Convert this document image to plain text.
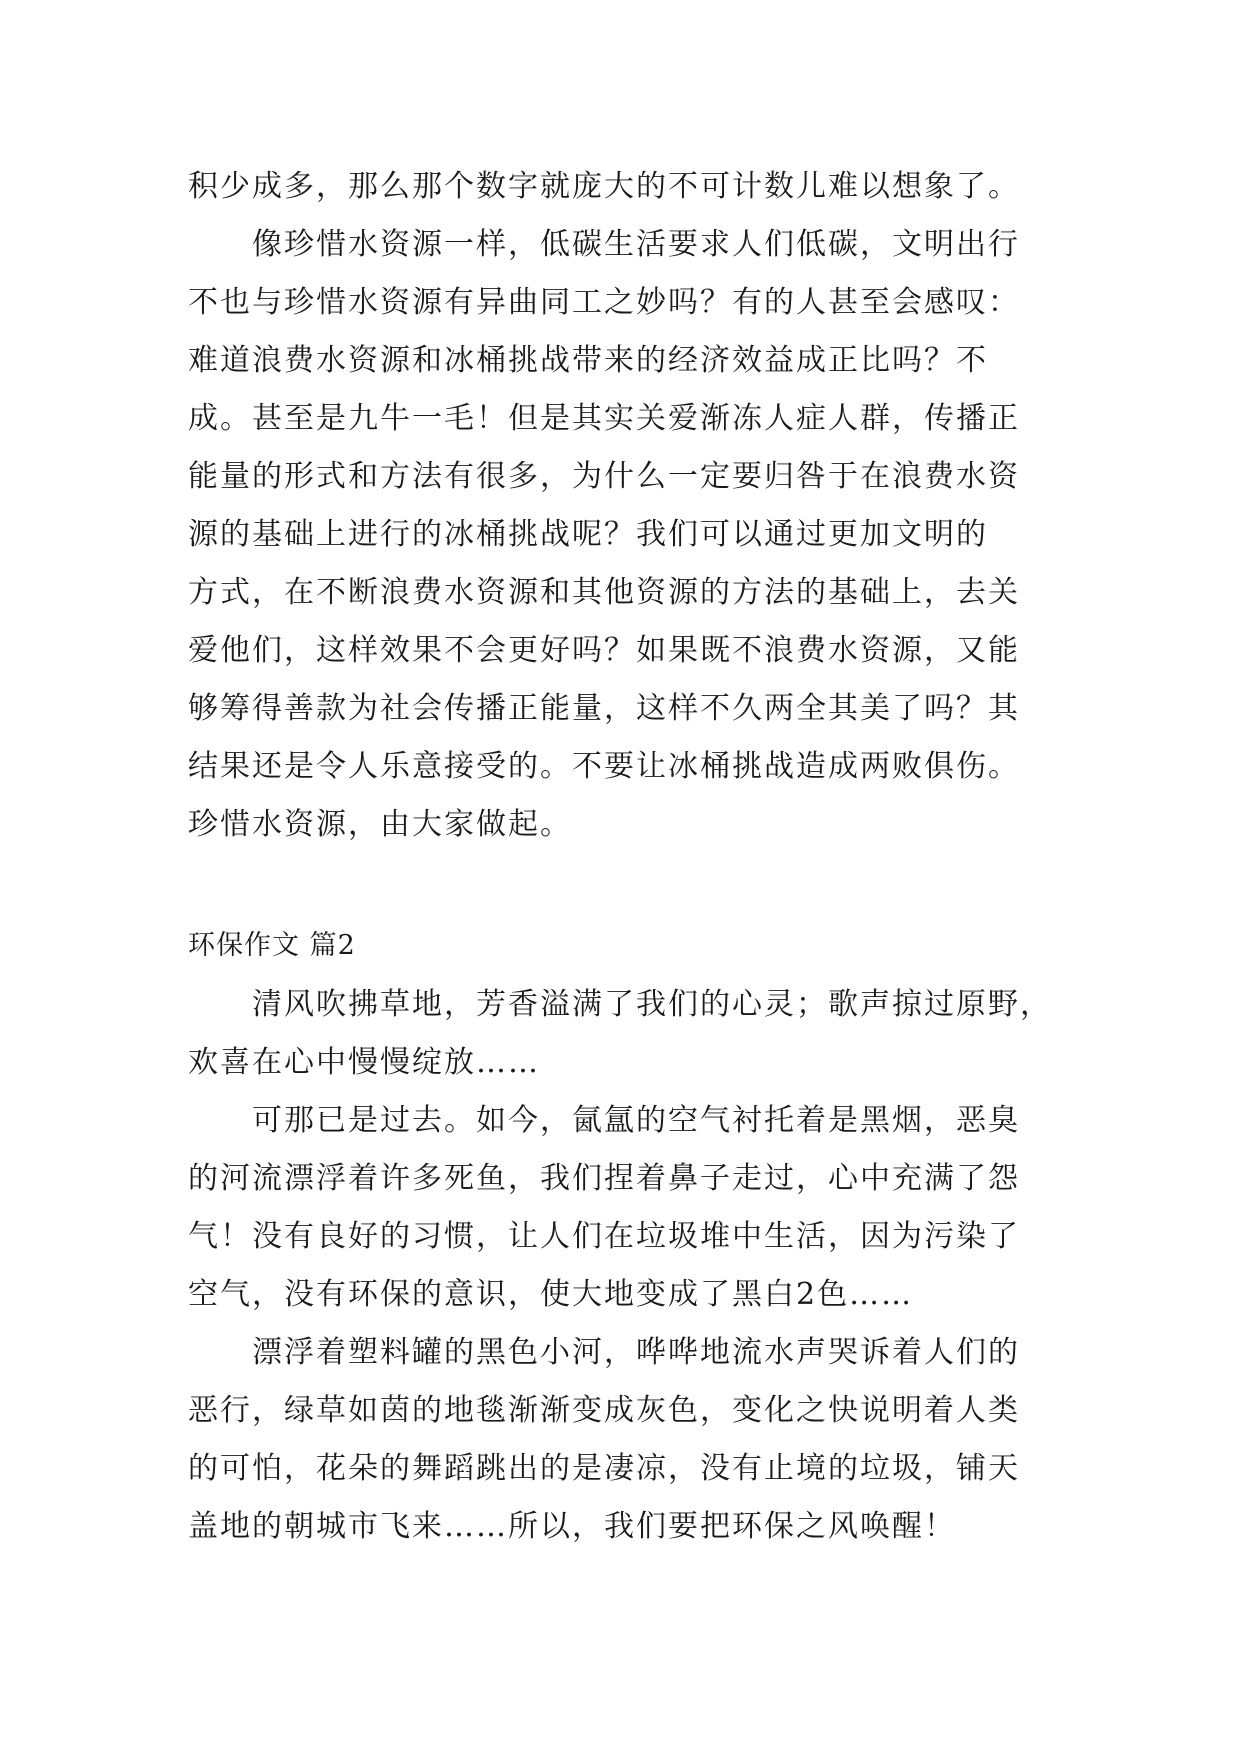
积少成多，那么那个数字就庞大的不可计数儿难以想象了。
像珍惜水资源一样，低碳生活要求人们低碳，文明出行
不也与珍惜水资源有异曲同工之妙吗？有的人甚至会感叹：
难道浪费水资源和冰桶挑战带来的经济效益成正比吗？不
成。甚至是九牛一毛！但是其实关爱渐冻人症人群，传播正
能量的形式和方法有很多，为什么一定要归咎于在浪费水资
源的基础上进行的冰桶挑战呢？我们可以通过更加文明的
方式，在不断浪费水资源和其他资源的方法的基础上，去关
爱他们，这样效果不会更好吗？如果既不浪费水资源，又能
够筹得善款为社会传播正能量，这样不久两全其美了吗？其
结果还是令人乐意接受的。不要让冰桶挑战造成两败俱伤。
珍惜水资源，由大家做起。
环保作文 篇2
清风吹拂草地，芳香溢满了我们的心灵；歌声掠过原野，
欢喜在心中慢慢绽放……
可那已是过去。如今，氤氲的空气衬托着是黑烟，恶臭
的河流漂浮着许多死鱼，我们捏着鼻子走过，心中充满了怨
气！没有良好的习惯，让人们在垃圾堆中生活，因为污染了
空气，没有环保的意识，使大地变成了黑白2色……
漂浮着塑料罐的黑色小河，哗哗地流水声哭诉着人们的
恶行，绿草如茵的地毯渐渐变成灰色，变化之快说明着人类
的可怕，花朵的舞蹈跳出的是凄凉，没有止境的垃圾，铺天
盖地的朝城市飞来……所以，我们要把环保之风唤醒！
